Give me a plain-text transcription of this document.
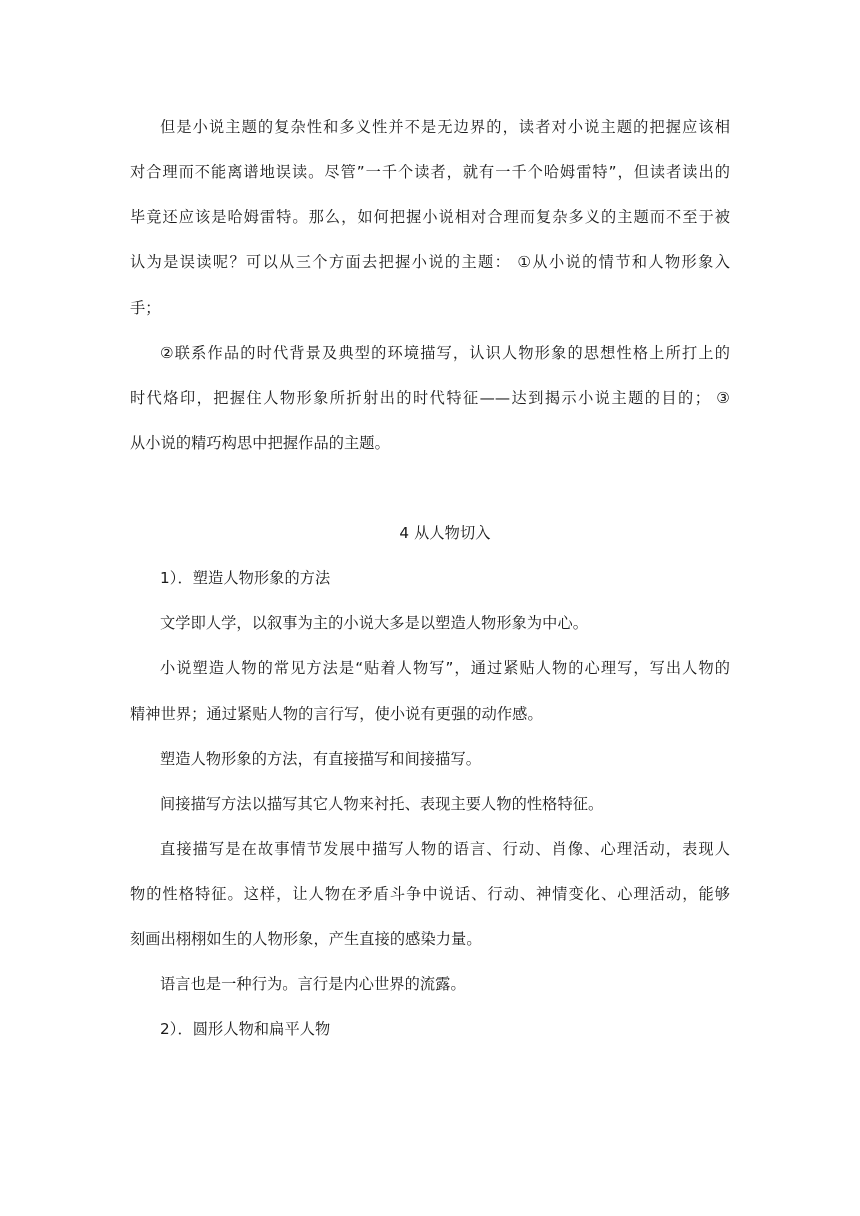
但是小说主题的复杂性和多义性并不是无边界的，读者对小说主题的把握应该相
对合理而不能离谱地误读。尽管”一千个读者，就有一千个哈姆雷特”，但读者读出的
毕竟还应该是哈姆雷特。那么，如何把握小说相对合理而复杂多义的主题而不至于被
认为是误读呢？可以从三个方面去把握小说的主题： ①从小说的情节和人物形象入
手；
②联系作品的时代背景及典型的环境描写，认识人物形象的思想性格上所打上的
时代烙印，把握住人物形象所折射出的时代特征——达到揭示小说主题的目的； ③
从小说的精巧构思中把握作品的主题。
4 从人物切入
1）．塑造人物形象的方法
文学即人学，以叙事为主的小说大多是以塑造人物形象为中心。
小说塑造人物的常见方法是“贴着人物写”，通过紧贴人物的心理写，写出人物的
精神世界；通过紧贴人物的言行写，使小说有更强的动作感。
塑造人物形象的方法，有直接描写和间接描写。
间接描写方法以描写其它人物来衬托、表现主要人物的性格特征。
直接描写是在故事情节发展中描写人物的语言、行动、肖像、心理活动，表现人
物的性格特征。这样，让人物在矛盾斗争中说话、行动、神情变化、心理活动，能够
刻画出栩栩如生的人物形象，产生直接的感染力量。
语言也是一种行为。言行是内心世界的流露。
2）．圆形人物和扁平人物
